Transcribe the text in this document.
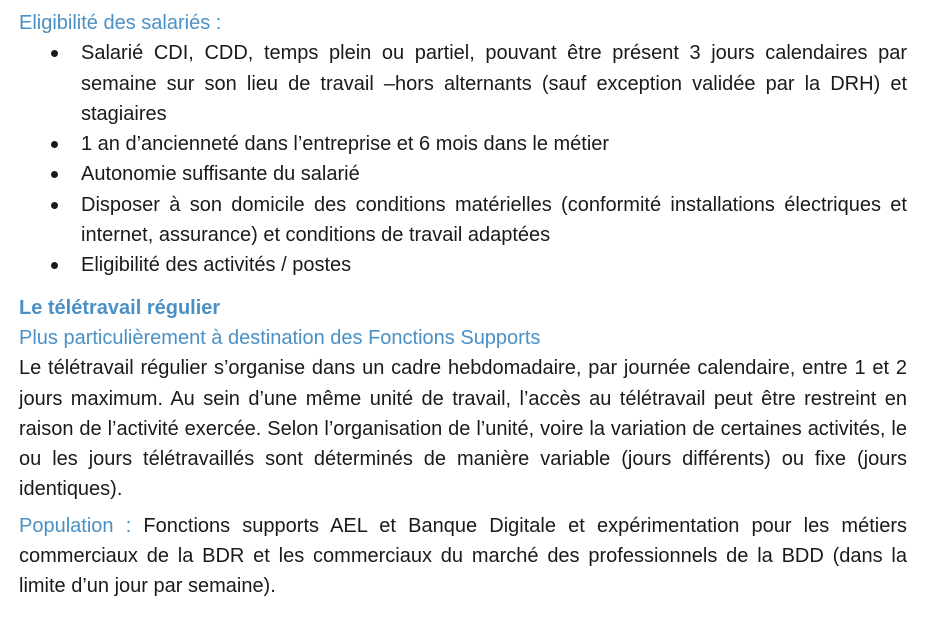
Eligibilité des salariés :

Salarié CDI, CDD, temps plein ou partiel, pouvant être présent 3 jours calendaires par semaine sur son lieu de travail –hors alternants (sauf exception validée par la DRH) et stagiaires
1 an d’ancienneté dans l’entreprise et 6 mois dans le métier
Autonomie suffisante du salarié
Disposer à son domicile des conditions matérielles (conformité installations électriques et internet, assurance) et conditions de travail adaptées
Eligibilité des activités / postes

Le télétravail régulier

Plus particulièrement à destination des Fonctions Supports

Le télétravail régulier s’organise dans un cadre hebdomadaire, par journée calendaire, entre 1 et 2 jours maximum. Au sein d’une même unité de travail, l’accès au télétravail peut être restreint en raison de l’activité exercée. Selon l’organisation de l’unité, voire la variation de certaines activités, le ou les jours télétravaillés sont déterminés de manière variable (jours différents) ou fixe (jours identiques).

Population : Fonctions supports AEL et Banque Digitale et expérimentation pour les métiers commerciaux de la BDR et les commerciaux du marché des professionnels de la BDD (dans la limite d’un jour par semaine).
